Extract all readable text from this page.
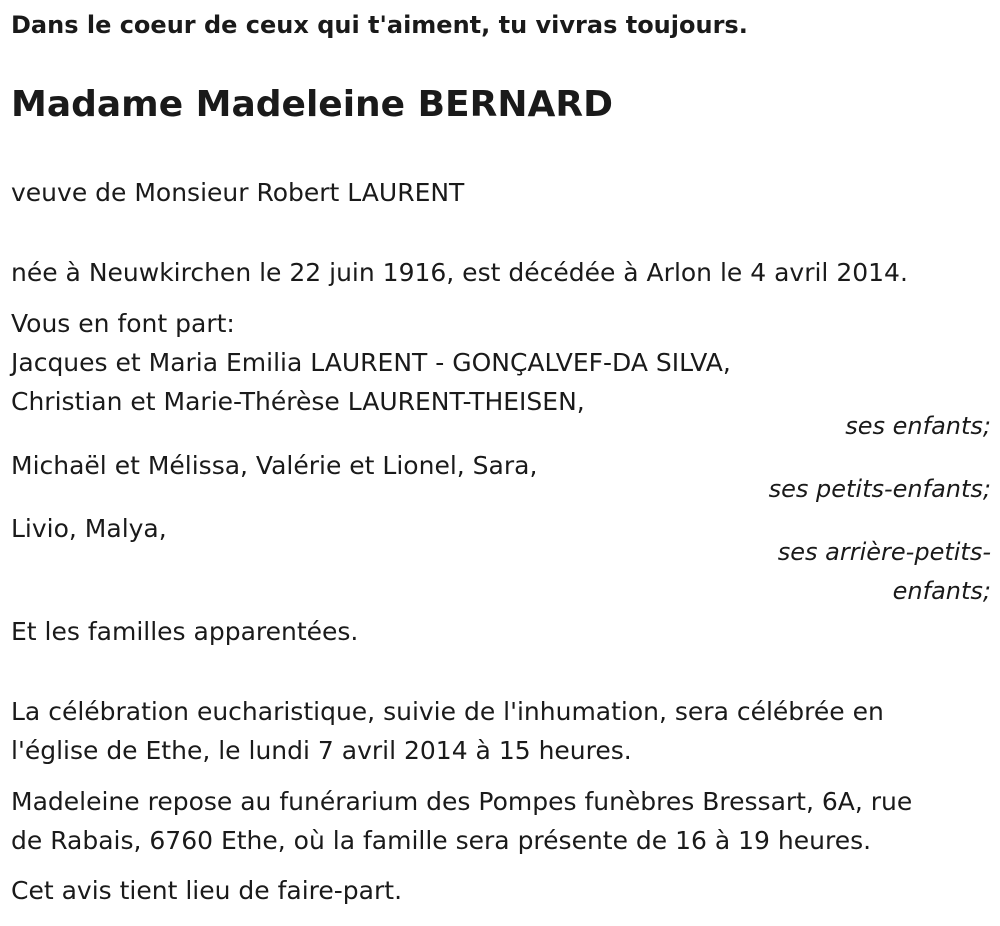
Dans le coeur de ceux qui t'aiment, tu vivras toujours.
Madame Madeleine BERNARD
veuve de Monsieur Robert LAURENT
née à Neuwkirchen le 22 juin 1916, est décédée à Arlon le 4 avril 2014.
Vous en font part:
Jacques et Maria Emilia LAURENT - GONÇALVEF-DA SILVA,
Christian et Marie-Thérèse LAURENT-THEISEN,
ses enfants;
Michaël et Mélissa, Valérie et Lionel, Sara,
ses petits-enfants;
Livio, Malya,
ses arrière-petits-
enfants;
Et les familles apparentées.
La célébration eucharistique, suivie de l'inhumation, sera célébrée en
l'église de Ethe, le lundi 7 avril 2014 à 15 heures.
Madeleine repose au funérarium des Pompes funèbres Bressart, 6A, rue
de Rabais, 6760 Ethe, où la famille sera présente de 16 à 19 heures.
Cet avis tient lieu de faire-part.
